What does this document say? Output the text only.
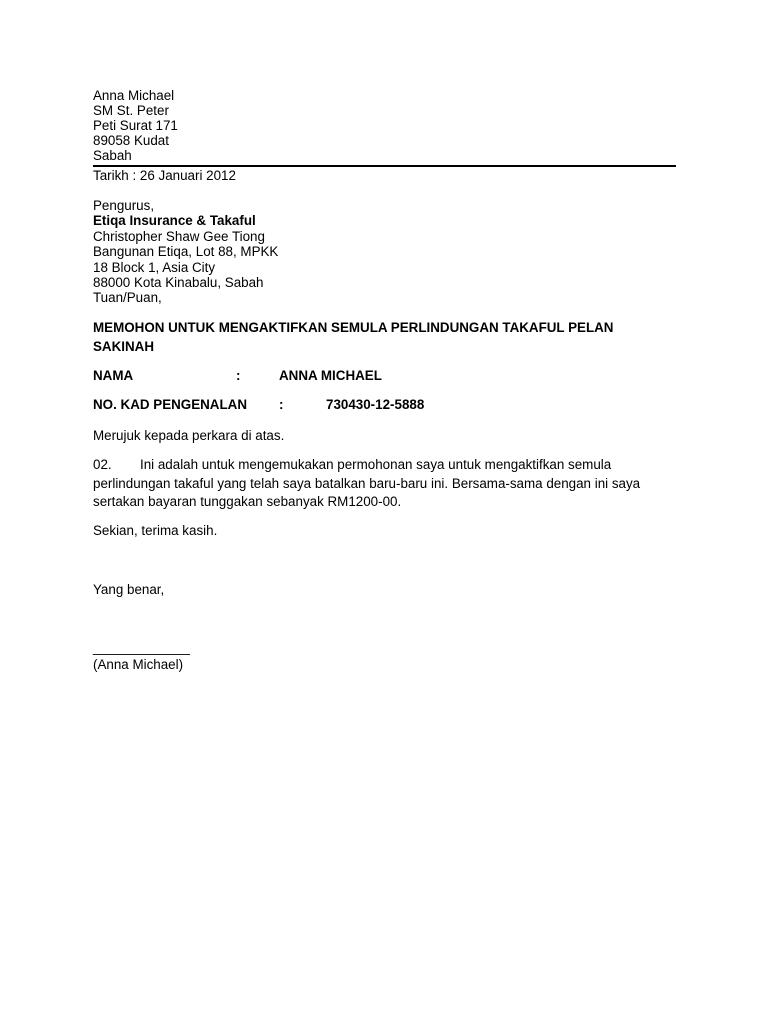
Anna Michael
SM St. Peter
Peti Surat 171
89058 Kudat
Sabah
Tarikh : 26 Januari 2012
Pengurus,
Etiqa Insurance & Takaful
Christopher Shaw Gee Tiong
Bangunan Etiqa, Lot 88, MPKK
18 Block 1, Asia City
88000 Kota Kinabalu, Sabah
Tuan/Puan,
MEMOHON UNTUK MENGAKTIFKAN SEMULA PERLINDUNGAN TAKAFUL PELAN
SAKINAH
NAMA	:	ANNA MICHAEL
NO. KAD PENGENALAN :	730430-12-5888
Merujuk kepada perkara di atas.
02. Ini adalah untuk mengemukakan permohonan saya untuk mengaktifkan semula
perlindungan takaful yang telah saya batalkan baru-baru ini. Bersama-sama dengan ini saya
sertakan bayaran tunggakan sebanyak RM1200-00.
Sekian, terima kasih.
Yang benar,
_____________
(Anna Michael)
